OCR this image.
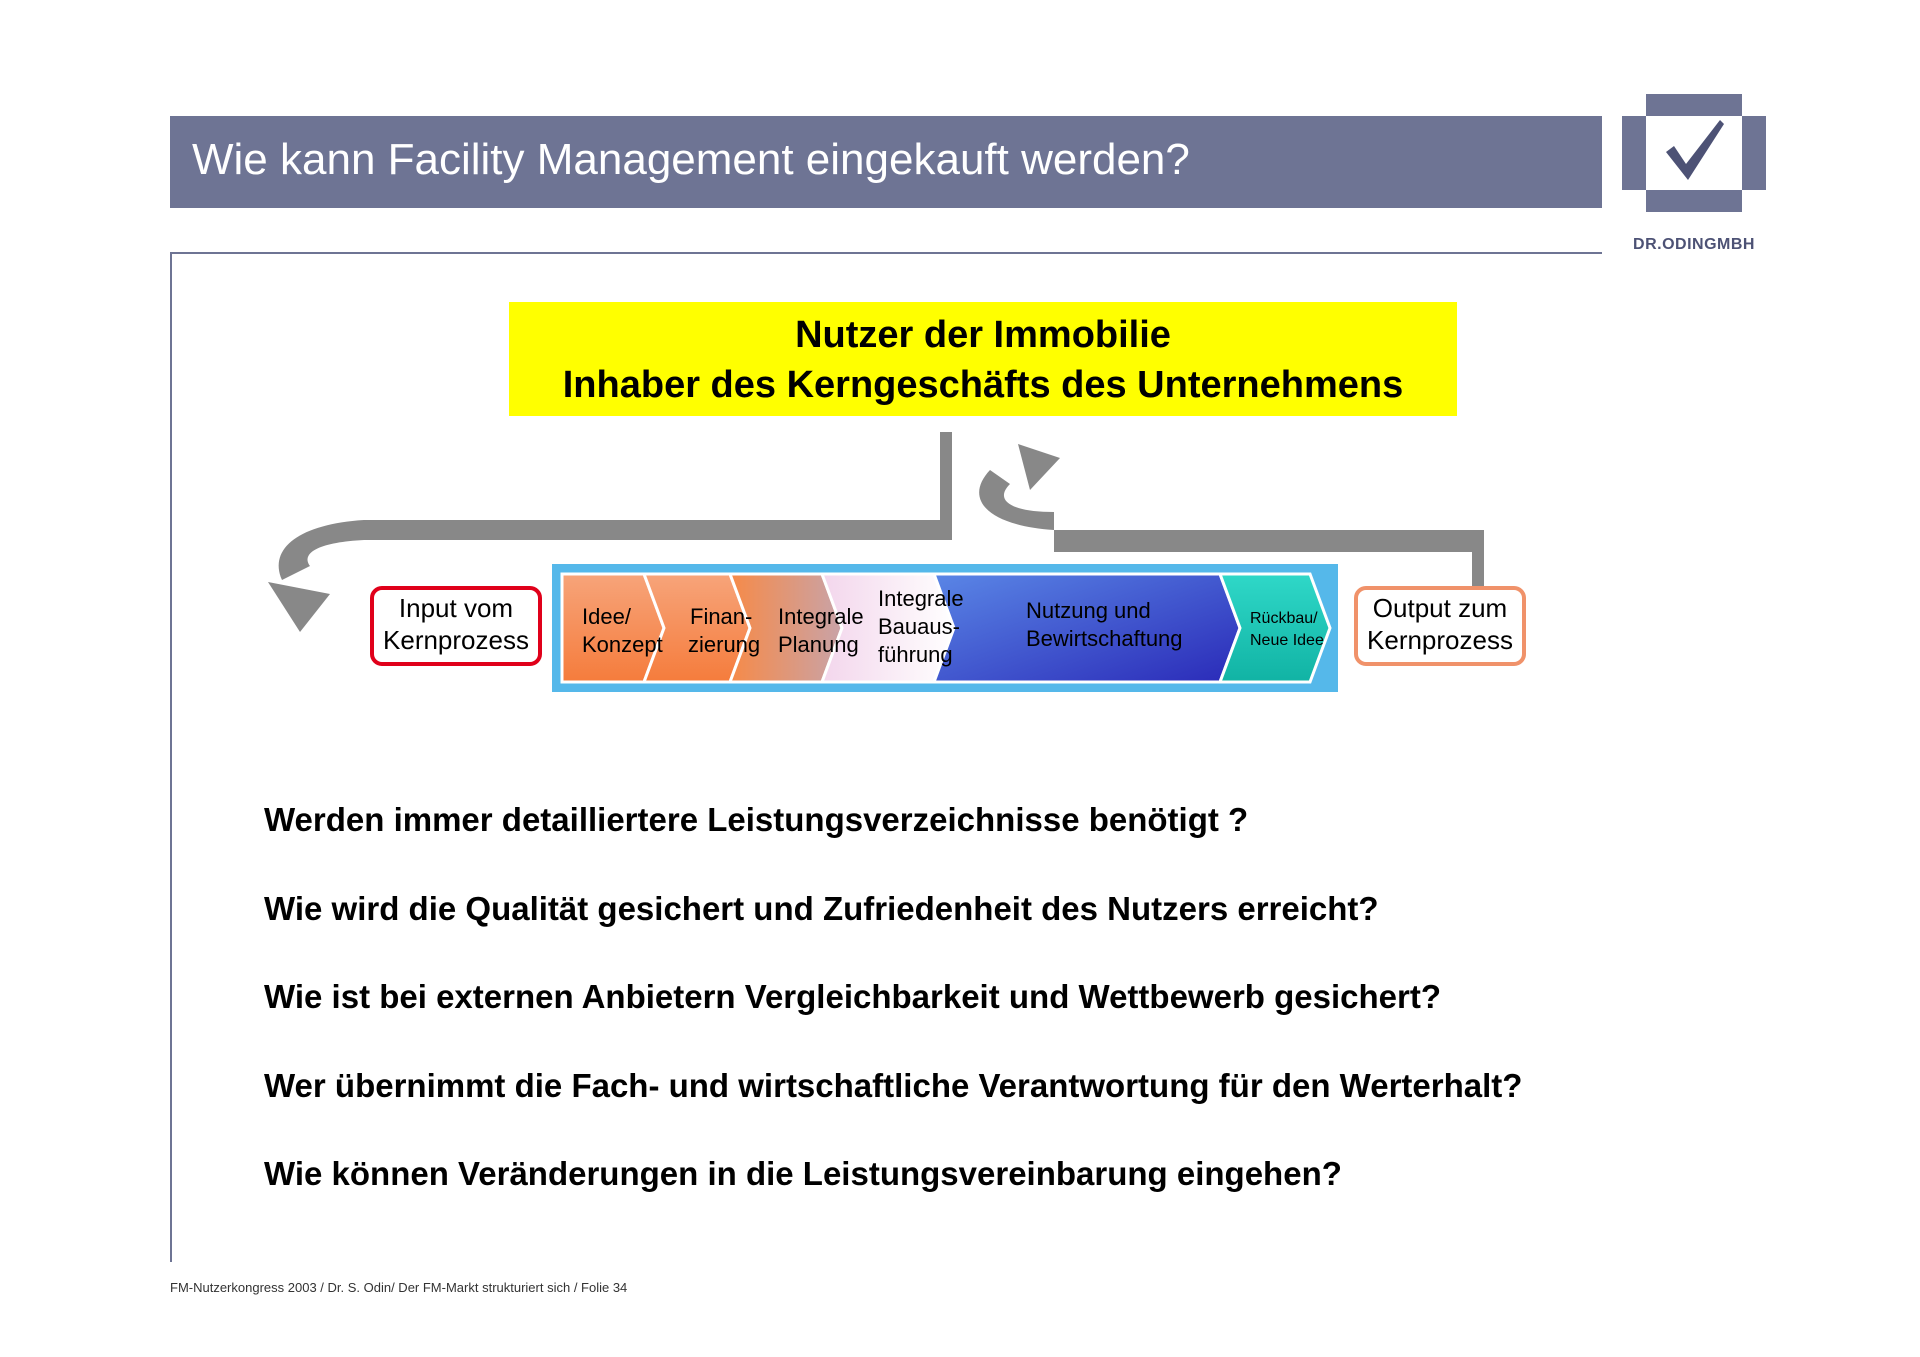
Wie kann Facility Management eingekauft werden?
DR.ODINGMBH
Nutzer der Immobilie
Inhaber des Kerngeschäfts des Unternehmens
Input vom
Kernprozess
Output zum
Kernprozess
Idee/
Konzept
Finan-
zierung
Integrale
Planung
Integrale
Bauaus-
führung
Nutzung und
Bewirtschaftung
Rückbau/
Neue Idee
Werden immer detailliertere Leistungsverzeichnisse benötigt ?
Wie wird die Qualität gesichert und Zufriedenheit des Nutzers erreicht?
Wie ist bei externen Anbietern Vergleichbarkeit und Wettbewerb gesichert?
Wer übernimmt die Fach- und wirtschaftliche Verantwortung für den Werterhalt?
Wie können Veränderungen in die Leistungsvereinbarung eingehen?
FM-Nutzerkongress 2003 / Dr. S. Odin/ Der FM-Markt strukturiert sich / Folie 34
